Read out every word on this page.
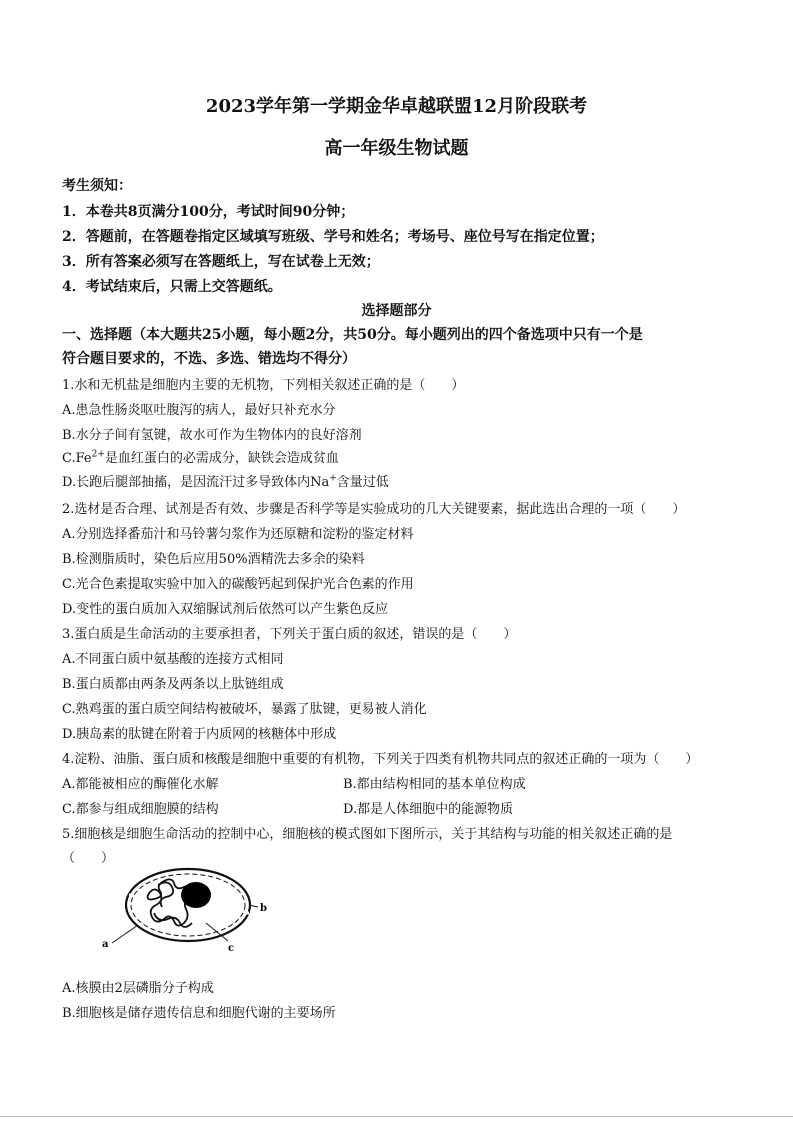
2023学年第一学期金华卓越联盟12月阶段联考
高一年级生物试题
考生须知：
1．本卷共8页满分100分，考试时间90分钟；
2．答题前，在答题卷指定区域填写班级、学号和姓名；考场号、座位号写在指定位置；
3．所有答案必须写在答题纸上，写在试卷上无效；
4．考试结束后，只需上交答题纸。
选择题部分
一、选择题（本大题共25小题，每小题2分，共50分。每小题列出的四个备选项中只有一个是
符合题目要求的，不选、多选、错选均不得分）
1.水和无机盐是细胞内主要的无机物，下列相关叙述正确的是（　　）
A.患急性肠炎呕吐腹泻的病人，最好只补充水分
B.水分子间有氢键，故水可作为生物体内的良好溶剂
$C.Fe^{2+}$是血红蛋白的必需成分，缺铁会造成贫血
D.长跑后腿部抽搐，是因流汗过多导致体内Na+含量过低
2.选材是否合理、试剂是否有效、步骤是否科学等是实验成功的几大关键要素，据此选出合理的一项（　　）
A.分别选择番茄汁和马铃薯匀浆作为还原糖和淀粉的鉴定材料
B.检测脂质时，染色后应用50%酒精洗去多余的染料
C.光合色素提取实验中加入的碳酸钙起到保护光合色素的作用
D.变性的蛋白质加入双缩脲试剂后依然可以产生紫色反应
3.蛋白质是生命活动的主要承担者，下列关于蛋白质的叙述，错误的是（　　）
A.不同蛋白质中氨基酸的连接方式相同
B.蛋白质都由两条及两条以上肽链组成
C.熟鸡蛋的蛋白质空间结构被破坏，暴露了肽键，更易被人消化
D.胰岛素的肽键在附着于内质网的核糖体中形成
4.淀粉、油脂、蛋白质和核酸是细胞中重要的有机物，下列关于四类有机物共同点的叙述正确的一项为（　　）
A.都能被相应的酶催化水解	B.都由结构相同的基本单位构成
C.都参与组成细胞膜的结构	D.都是人体细胞中的能源物质
5.细胞核是细胞生命活动的控制中心，细胞核的模式图如下图所示，关于其结构与功能的相关叙述正确的是
（　　）
b
a	c
A.核膜由2层磷脂分子构成
B.细胞核是储存遗传信息和细胞代谢的主要场所
